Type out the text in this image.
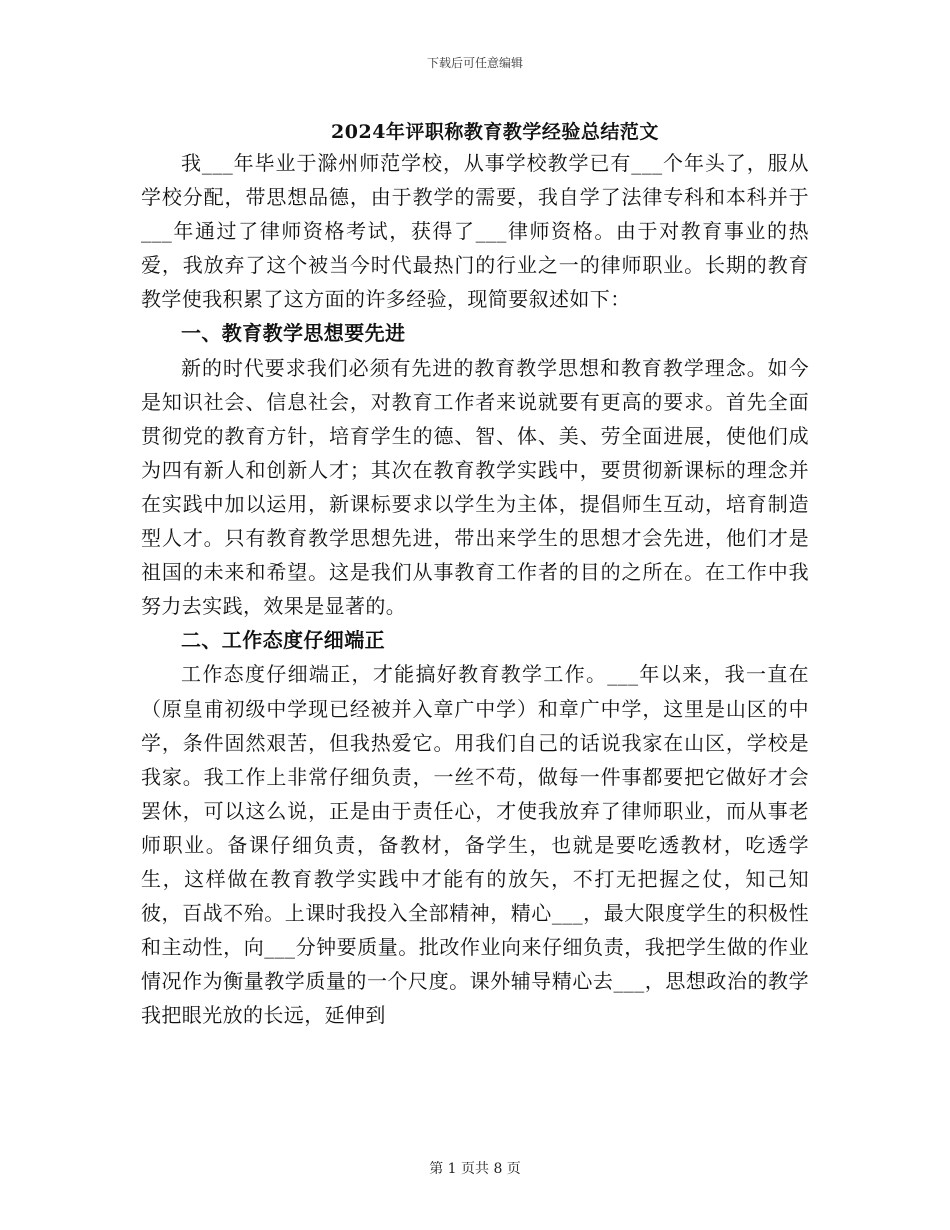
下载后可任意编辑
2024年评职称教育教学经验总结范文

我___年毕业于滁州师范学校，从事学校教学已有___个年头了，服从学校分配，带思想品德，由于教学的需要，我自学了法律专科和本科并于___年通过了律师资格考试，获得了___律师资格。由于对教育事业的热爱，我放弃了这个被当今时代最热门的行业之一的律师职业。长期的教育教学使我积累了这方面的许多经验，现简要叙述如下：

一、教育教学思想要先进

新的时代要求我们必须有先进的教育教学思想和教育教学理念。如今是知识社会、信息社会，对教育工作者来说就要有更高的要求。首先全面贯彻党的教育方针，培育学生的德、智、体、美、劳全面进展，使他们成为四有新人和创新人才；其次在教育教学实践中，要贯彻新课标的理念并在实践中加以运用，新课标要求以学生为主体，提倡师生互动，培育制造型人才。只有教育教学思想先进，带出来学生的思想才会先进，他们才是祖国的未来和希望。这是我们从事教育工作者的目的之所在。在工作中我努力去实践，效果是显著的。

二、工作态度仔细端正

工作态度仔细端正，才能搞好教育教学工作。___年以来，我一直在（原皇甫初级中学现已经被并入章广中学）和章广中学，这里是山区的中学，条件固然艰苦，但我热爱它。用我们自己的话说我家在山区，学校是我家。我工作上非常仔细负责，一丝不苟，做每一件事都要把它做好才会罢休，可以这么说，正是由于责任心，才使我放弃了律师职业，而从事老师职业。备课仔细负责，备教材，备学生，也就是要吃透教材，吃透学生，这样做在教育教学实践中才能有的放矢，不打无把握之仗，知己知彼，百战不殆。上课时我投入全部精神，精心___，最大限度学生的积极性和主动性，向___分钟要质量。批改作业向来仔细负责，我把学生做的作业情况作为衡量教学质量的一个尺度。课外辅导精心去___，思想政治的教学我把眼光放的长远，延伸到

第 1 页共 8 页
